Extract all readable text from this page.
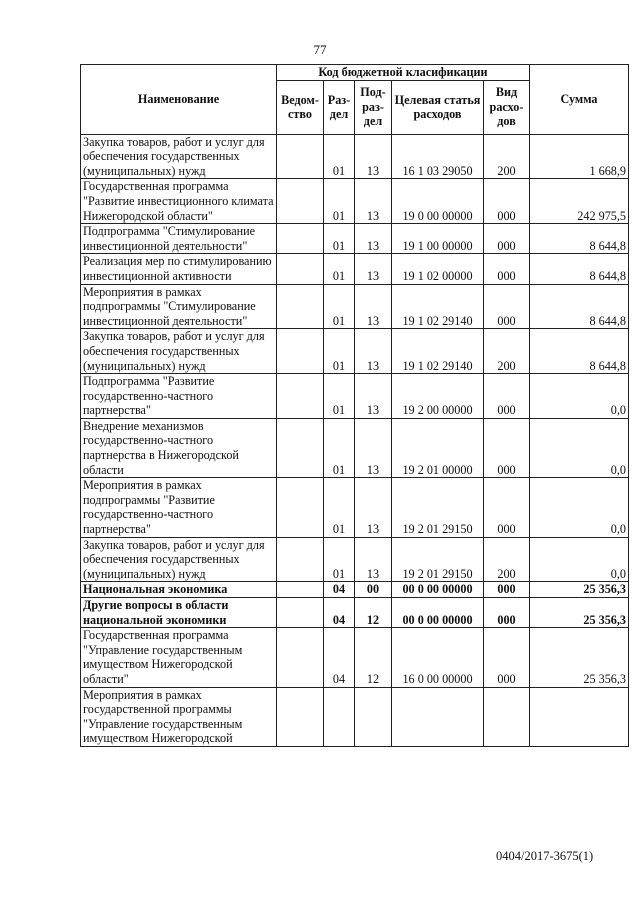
77
Наименование	Код бюджетной класификации					Сумма
	Ведом-ство	Раз-дел	Под-раз-дел	Целевая статья расходов	Вид расхо-дов	
Закупка товаров, работ и услуг для обеспечения государственных (муниципальных) нужд		01	13	16 1 03 29050	200	1 668,9
Государственная программа "Развитие инвестиционного климата Нижегородской области"		01	13	19 0 00 00000	000	242 975,5
Подпрограмма "Стимулирование инвестиционной деятельности"		01	13	19 1 00 00000	000	8 644,8
Реализация мер по стимулированию инвестиционной активности		01	13	19 1 02 00000	000	8 644,8
Мероприятия в рамках подпрограммы "Стимулирование инвестиционной деятельности"		01	13	19 1 02 29140	000	8 644,8
Закупка товаров, работ и услуг для обеспечения государственных (муниципальных) нужд		01	13	19 1 02 29140	200	8 644,8
Подпрограмма "Развитие государственно-частного партнерства"		01	13	19 2 00 00000	000	0,0
Внедрение механизмов государственно-частного партнерства в Нижегородской области		01	13	19 2 01 00000	000	0,0
Мероприятия в рамках подпрограммы "Развитие государственно-частного партнерства"		01	13	19 2 01 29150	000	0,0
Закупка товаров, работ и услуг для обеспечения государственных (муниципальных) нужд		01	13	19 2 01 29150	200	0,0
Национальная экономика		04	00	00 0 00 00000	000	25 356,3
Другие вопросы в области национальной экономики		04	12	00 0 00 00000	000	25 356,3
Государственная программа "Управление государственным имуществом Нижегородской области"		04	12	16 0 00 00000	000	25 356,3
Мероприятия в рамках государственной программы "Управление государственным имуществом Нижегородской						
0404/2017-3675(1)
